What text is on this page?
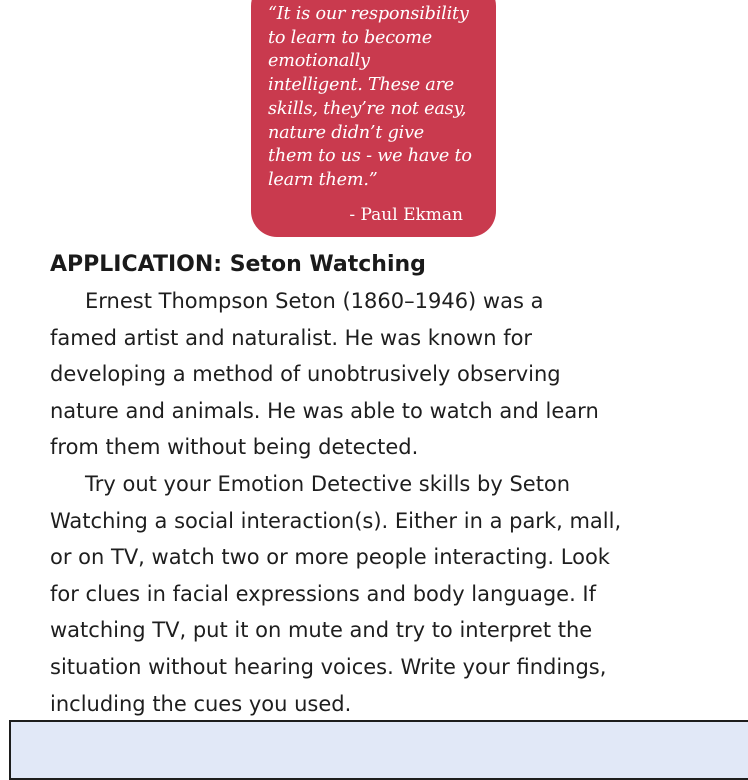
“It is our responsibility
to learn to become
emotionally
intelligent. These are
skills, they’re not easy,
nature didn’t give
them to us - we have to
learn them.”

- Paul Ekman

APPLICATION: Seton Watching
Ernest Thompson Seton (1860–1946) was a
famed artist and naturalist. He was known for
developing a method of unobtrusively observing
nature and animals. He was able to watch and learn
from them without being detected.
Try out your Emotion Detective skills by Seton
Watching a social interaction(s). Either in a park, mall,
or on TV, watch two or more people interacting. Look
for clues in facial expressions and body language. If
watching TV, put it on mute and try to interpret the
situation without hearing voices. Write your findings,
including the cues you used.
